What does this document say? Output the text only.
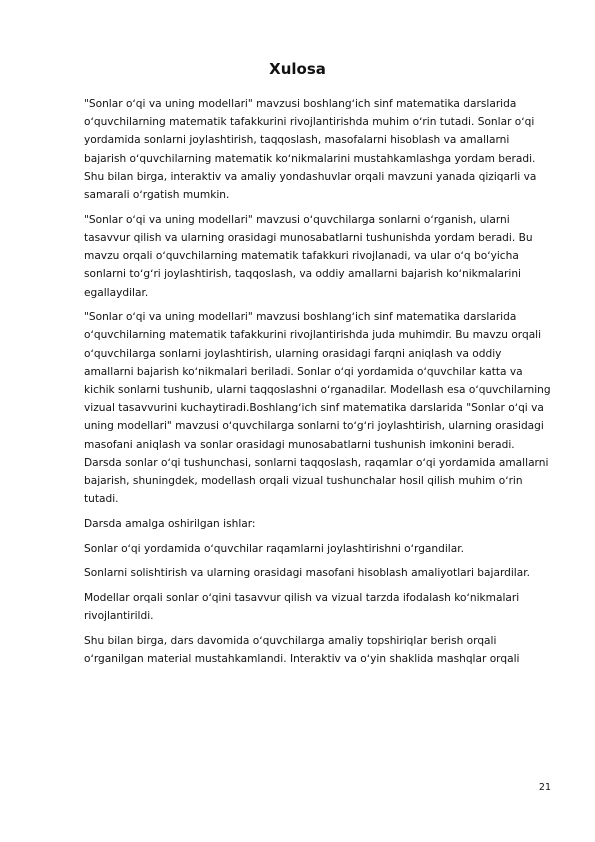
Xulosa

"Sonlar oʻqi va uning modellari" mavzusi boshlangʻich sinf matematika darslarida oʻquvchilarning matematik tafakkurini rivojlantirishda muhim oʻrin tutadi. Sonlar oʻqi yordamida sonlarni joylashtirish, taqqoslash, masofalarni hisoblash va amallarni bajarish oʻquvchilarning matematik koʻnikmalarini mustahkamlashga yordam beradi. Shu bilan birga, interaktiv va amaliy yondashuvlar orqali mavzuni yanada qiziqarli va samarali oʻrgatish mumkin.

"Sonlar oʻqi va uning modellari" mavzusi oʻquvchilarga sonlarni oʻrganish, ularni tasavvur qilish va ularning orasidagi munosabatlarni tushunishda yordam beradi. Bu mavzu orqali oʻquvchilarning matematik tafakkuri rivojlanadi, va ular oʻq boʻyicha sonlarni toʻgʻri joylashtirish, taqqoslash, va oddiy amallarni bajarish koʻnikmalarini egallaydilar.

"Sonlar oʻqi va uning modellari" mavzusi boshlangʻich sinf matematika darslarida oʻquvchilarning matematik tafakkurini rivojlantirishda juda muhimdir. Bu mavzu orqali oʻquvchilarga sonlarni joylashtirish, ularning orasidagi farqni aniqlash va oddiy amallarni bajarish koʻnikmalari beriladi. Sonlar oʻqi yordamida oʻquvchilar katta va kichik sonlarni tushunib, ularni taqqoslashni oʻrganadilar. Modellash esa oʻquvchilarning vizual tasavvurini kuchaytiradi.Boshlangʻich sinf matematika darslarida "Sonlar oʻqi va uning modellari" mavzusi oʻquvchilarga sonlarni toʻgʻri joylashtirish, ularning orasidagi masofani aniqlash va sonlar orasidagi munosabatlarni tushunish imkonini beradi. Darsda sonlar oʻqi tushunchasi, sonlarni taqqoslash, raqamlar oʻqi yordamida amallarni bajarish, shuningdek, modellash orqali vizual tushunchalar hosil qilish muhim oʻrin tutadi.

Darsda amalga oshirilgan ishlar:

Sonlar oʻqi yordamida oʻquvchilar raqamlarni joylashtirishni oʻrgandilar.

Sonlarni solishtirish va ularning orasidagi masofani hisoblash amaliyotlari bajardilar.

Modellar orqali sonlar oʻqini tasavvur qilish va vizual tarzda ifodalash koʻnikmalari rivojlantirildi.

Shu bilan birga, dars davomida oʻquvchilarga amaliy topshiriqlar berish orqali oʻrganilgan material mustahkamlandi. Interaktiv va oʻyin shaklida mashqlar orqali

21
